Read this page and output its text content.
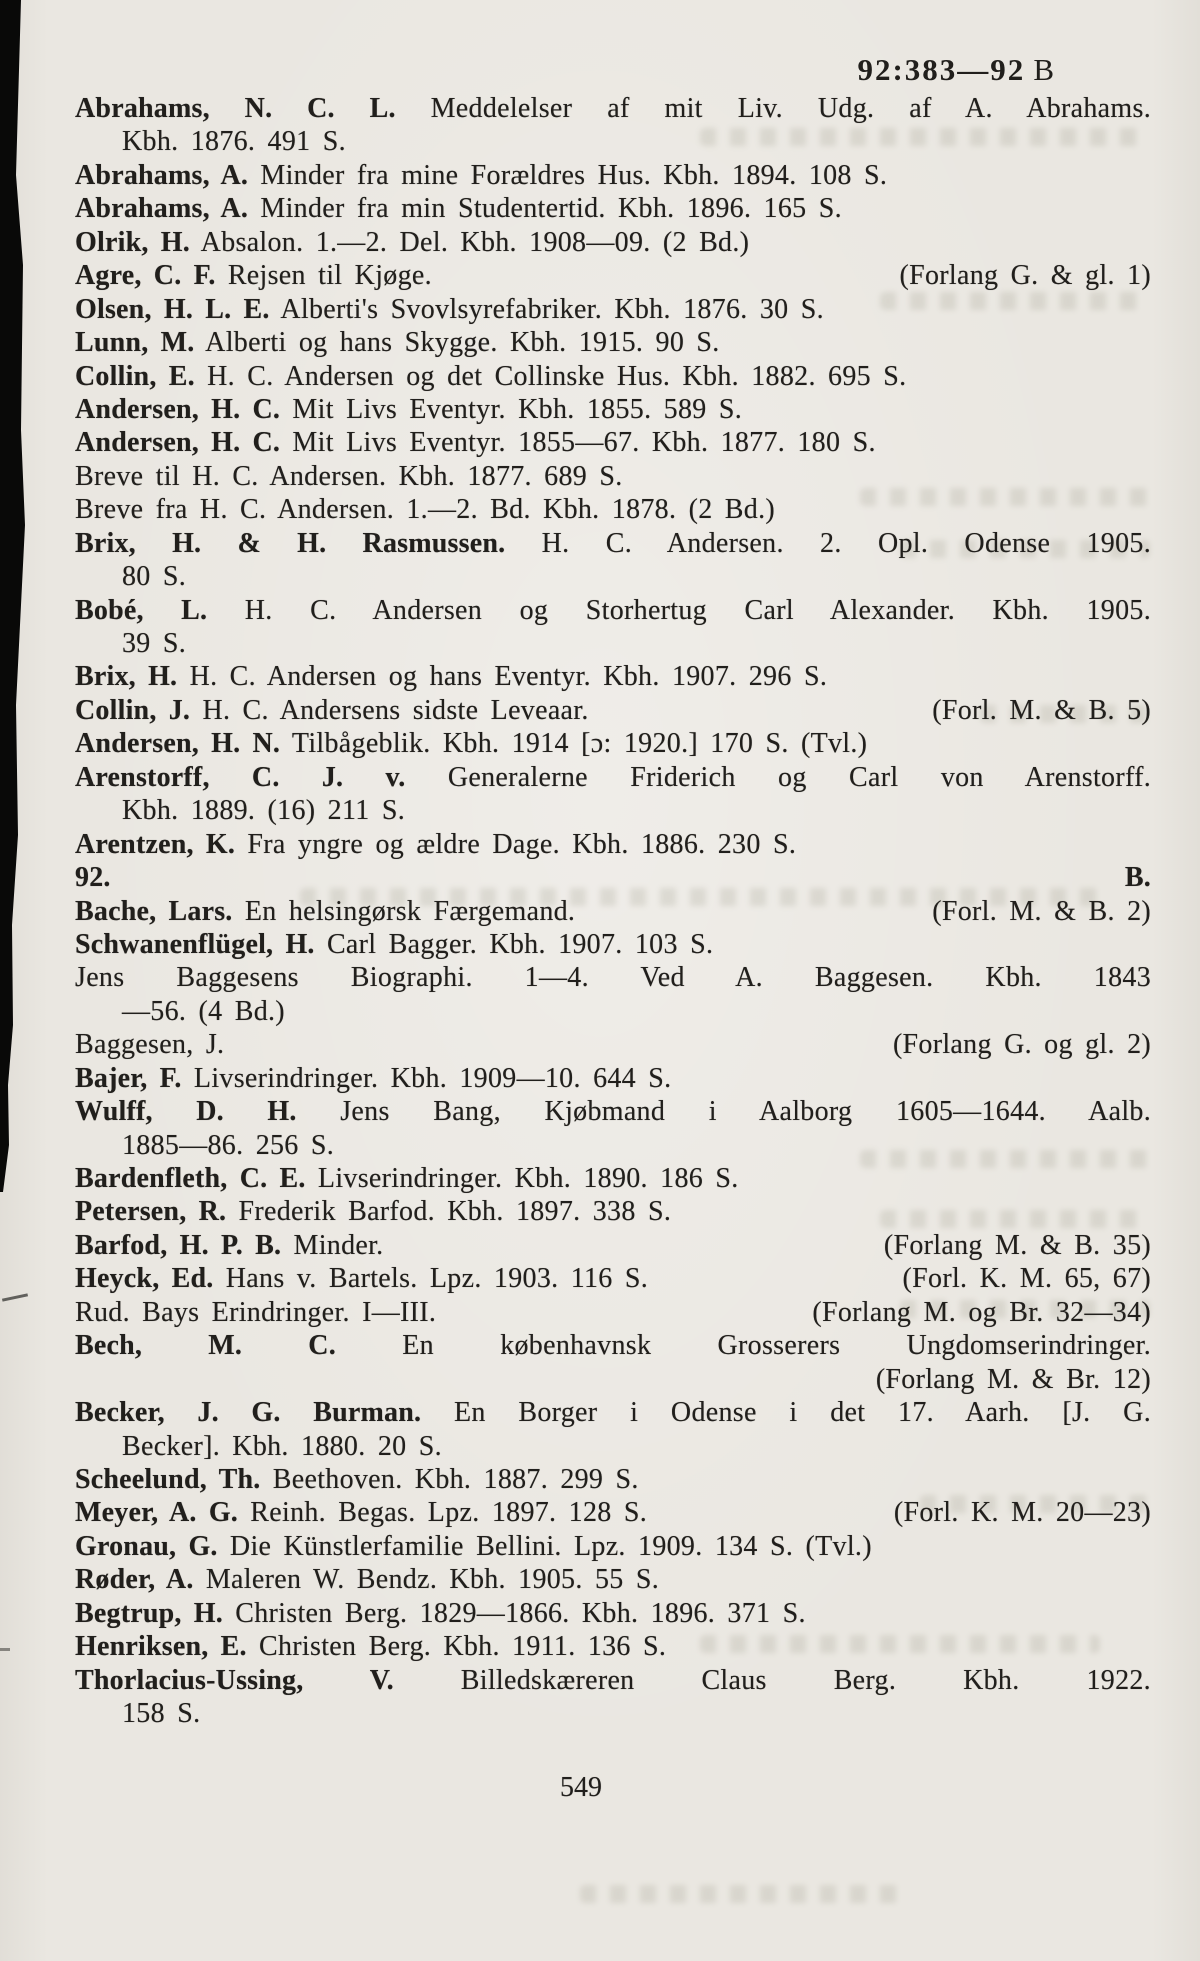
92:383—92 B
Abrahams, N. C. L. Meddelelser af mit Liv. Udg. af A. Abrahams.
Kbh. 1876. 491 S.
Abrahams, A. Minder fra mine Forældres Hus. Kbh. 1894. 108 S.
Abrahams, A. Minder fra min Studentertid. Kbh. 1896. 165 S.
Olrik, H. Absalon. 1.—2. Del. Kbh. 1908—09. (2 Bd.)
Agre, C. F. Rejsen til Kjøge.	(Forlang G. & gl. 1)
Olsen, H. L. E. Alberti's Svovlsyrefabriker. Kbh. 1876. 30 S.
Lunn, M. Alberti og hans Skygge. Kbh. 1915. 90 S.
Collin, E. H. C. Andersen og det Collinske Hus. Kbh. 1882. 695 S.
Andersen, H. C. Mit Livs Eventyr. Kbh. 1855. 589 S.
Andersen, H. C. Mit Livs Eventyr. 1855—67. Kbh. 1877. 180 S.
Breve til H. C. Andersen. Kbh. 1877. 689 S.
Breve fra H. C. Andersen. 1.—2. Bd. Kbh. 1878. (2 Bd.)
Brix, H. & H. Rasmussen. H. C. Andersen. 2. Opl. Odense 1905.
80 S.
Bobé, L. H. C. Andersen og Storhertug Carl Alexander. Kbh. 1905.
39 S.
Brix, H. H. C. Andersen og hans Eventyr. Kbh. 1907. 296 S.
Collin, J. H. C. Andersens sidste Leveaar.	(Forl. M. & B. 5)
Andersen, H. N. Tilbågeblik. Kbh. 1914 [ɔ: 1920.] 170 S. (Tvl.)
Arenstorff, C. J. v. Generalerne Friderich og Carl von Arenstorff.
Kbh. 1889. (16) 211 S.
Arentzen, K. Fra yngre og ældre Dage. Kbh. 1886. 230 S.
92.	B.
Bache, Lars. En helsingørsk Færgemand.	(Forl. M. & B. 2)
Schwanenflügel, H. Carl Bagger. Kbh. 1907. 103 S.
Jens Baggesens Biographi. 1—4. Ved A. Baggesen. Kbh. 1843
—56. (4 Bd.)
Baggesen, J.	(Forlang G. og gl. 2)
Bajer, F. Livserindringer. Kbh. 1909—10. 644 S.
Wulff, D. H. Jens Bang, Kjøbmand i Aalborg 1605—1644. Aalb.
1885—86. 256 S.
Bardenfleth, C. E. Livserindringer. Kbh. 1890. 186 S.
Petersen, R. Frederik Barfod. Kbh. 1897. 338 S.
Barfod, H. P. B. Minder.	(Forlang M. & B. 35)
Heyck, Ed. Hans v. Bartels. Lpz. 1903. 116 S.	(Forl. K. M. 65, 67)
Rud. Bays Erindringer. I—III.	(Forlang M. og Br. 32—34)
Bech, M. C. En københavnsk Grosserers Ungdomserindringer.
(Forlang M. & Br. 12)
Becker, J. G. Burman. En Borger i Odense i det 17. Aarh. [J. G.
Becker]. Kbh. 1880. 20 S.
Scheelund, Th. Beethoven. Kbh. 1887. 299 S.
Meyer, A. G. Reinh. Begas. Lpz. 1897. 128 S.	(Forl. K. M. 20—23)
Gronau, G. Die Künstlerfamilie Bellini. Lpz. 1909. 134 S. (Tvl.)
Røder, A. Maleren W. Bendz. Kbh. 1905. 55 S.
Begtrup, H. Christen Berg. 1829—1866. Kbh. 1896. 371 S.
Henriksen, E. Christen Berg. Kbh. 1911. 136 S.
Thorlacius-Ussing, V. Billedskæreren Claus Berg. Kbh. 1922.
158 S.
549
